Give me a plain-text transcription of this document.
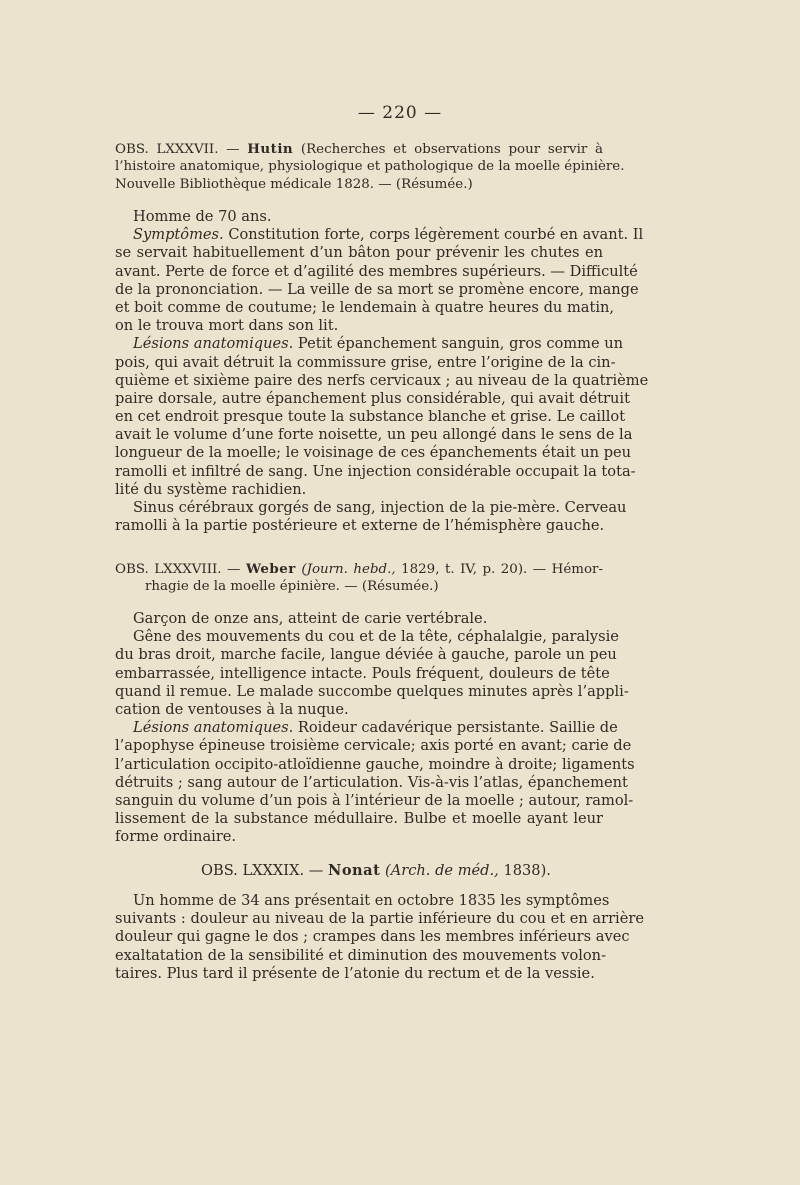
— 220 —
OBS. LXXXVII. — Hutin (Recherches et observations pour servir à
l’histoire anatomique, physiologique et pathologique de la moelle épinière.
Nouvelle Bibliothèque médicale 1828. — (Résumée.)
Homme de 70 ans.
Symptômes. Constitution forte, corps légèrement courbé en avant. Il
se servait habituellement d’un bâton pour prévenir les chutes en
avant. Perte de force et d’agilité des membres supérieurs. — Difficulté
de la prononciation. — La veille de sa mort se promène encore, mange
et boit comme de coutume; le lendemain à quatre heures du matin,
on le trouva mort dans son lit.
Lésions anatomiques. Petit épanchement sanguin, gros comme un
pois, qui avait détruit la commissure grise, entre l’origine de la cin-
quième et sixième paire des nerfs cervicaux ; au niveau de la quatrième
paire dorsale, autre épanchement plus considérable, qui avait détruit
en cet endroit presque toute la substance blanche et grise. Le caillot
avait le volume d’une forte noisette, un peu allongé dans le sens de la
longueur de la moelle; le voisinage de ces épanchements était un peu
ramolli et infiltré de sang. Une injection considérable occupait la tota-
lité du système rachidien.
Sinus cérébraux gorgés de sang, injection de la pie-mère. Cerveau
ramolli à la partie postérieure et externe de l’hémisphère gauche.
OBS. LXXXVIII. — Weber (Journ. hebd., 1829, t. IV, p. 20). — Hémor-
rhagie de la moelle épinière. — (Résumée.)
Garçon de onze ans, atteint de carie vertébrale.
Gêne des mouvements du cou et de la tête, céphalalgie, paralysie
du bras droit, marche facile, langue déviée à gauche, parole un peu
embarrassée, intelligence intacte. Pouls fréquent, douleurs de tête
quand il remue. Le malade succombe quelques minutes après l’appli-
cation de ventouses à la nuque.
Lésions anatomiques. Roideur cadavérique persistante. Saillie de
l’apophyse épineuse troisième cervicale; axis porté en avant; carie de
l’articulation occipito-atloïdienne gauche, moindre à droite; ligaments
détruits ; sang autour de l’articulation. Vis-à-vis l’atlas, épanchement
sanguin du volume d’un pois à l’intérieur de la moelle ; autour, ramol-
lissement de la substance médullaire. Bulbe et moelle ayant leur
forme ordinaire.
OBS. LXXXIX. — Nonat (Arch. de méd., 1838).
Un homme de 34 ans présentait en octobre 1835 les symptômes
suivants : douleur au niveau de la partie inférieure du cou et en arrière
douleur qui gagne le dos ; crampes dans les membres inférieurs avec
exaltatation de la sensibilité et diminution des mouvements volon-
taires. Plus tard il présente de l’atonie du rectum et de la vessie.
